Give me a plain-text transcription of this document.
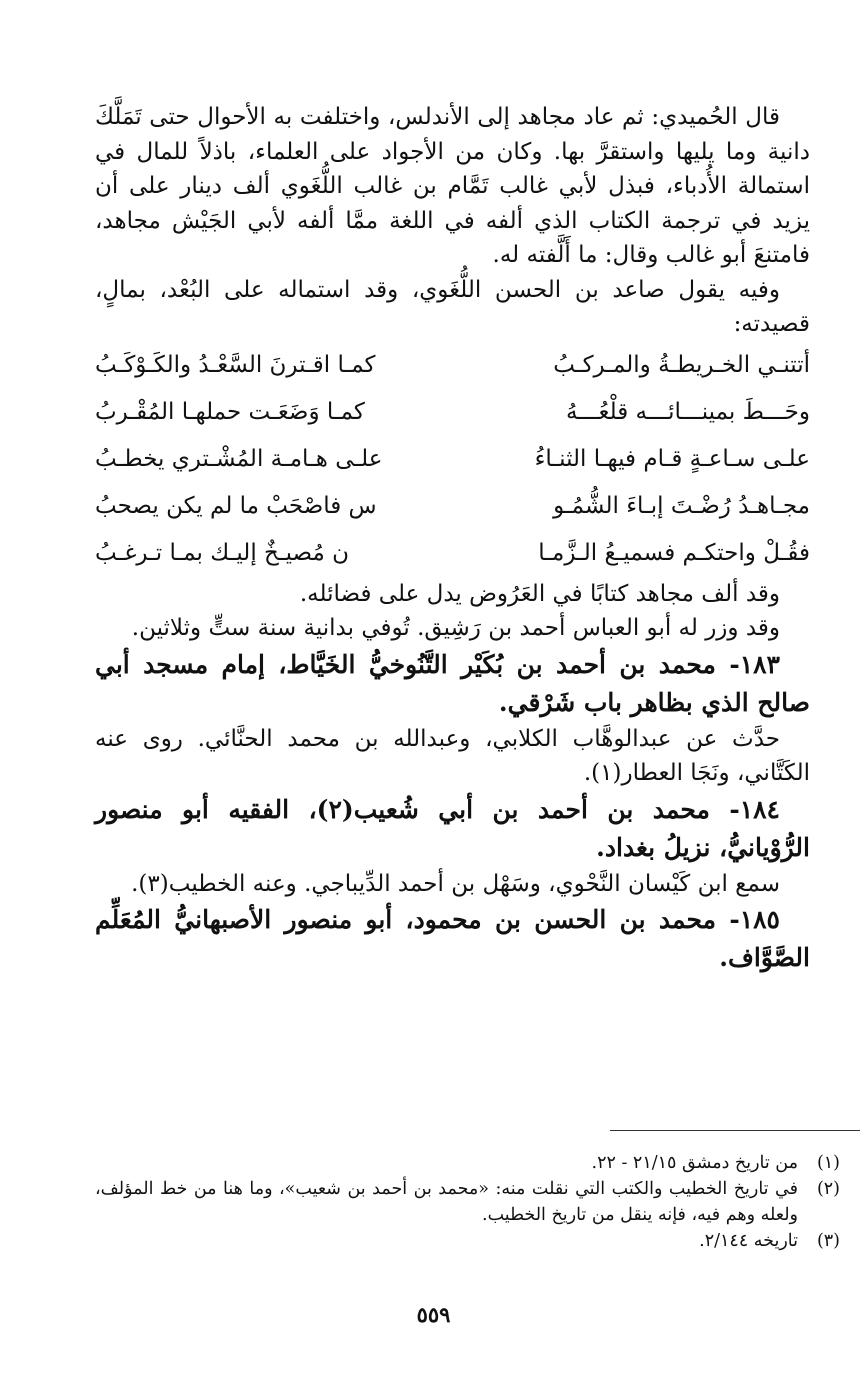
قال الحُميدي: ثم عاد مجاهد إلى الأندلس، واختلفت به الأحوال حتى تَمَلَّكَ دانية وما يليها واستقرَّ بها. وكان من الأجواد على العلماء، باذلاً للمال في استمالة الأُدباء، فبذل لأبي غالب تَمَّام بن غالب اللُّغَوي ألف دينار على أن يزيد في ترجمة الكتاب الذي ألفه في اللغة ممَّا ألفه لأبي الجَيْش مجاهد، فامتنعَ أبو غالب وقال: ما أَلَّفته له.

وفيه يقول صاعد بن الحسن اللُّغَوي، وقد استماله على البُعْد، بمالٍ، قصيدته:

أتتنـي الخـريطـةُ والمـركـبُ
كمـا اقـترنَ السَّعْـدُ والكَـوْكَـبُ
وحَـــطَ بمينـــائـــه قلْعُـــهُ
كمـا وَضَعَـت حملهـا المُقْـربُ
علـى سـاعـةٍ قـام فيهـا الثنـاءُ
علـى هـامـة المُشْـتري يخطـبُ
مجـاهـدُ رُضْـتَ إبـاءَ الشُّمُـو
س فاصْحَبْ ما لم يكن يصحبُ
فقُـلْ واحتكـم فسميـعُ الـزَّمـا
ن مُصيـخٌ إليـك بمـا تـرغـبُ

وقد ألف مجاهد كتابًا في العَرُوض يدل على فضائله.

وقد وزر له أبو العباس أحمد بن رَشِيق. تُوفي بدانية سنة ستٍّ وثلاثين.

١٨٣- محمد بن أحمد بن بُكَيْر التَّنُوخيُّ الخَيَّاط، إمام مسجد أبي صالح الذي بظاهر باب شَرْقي.

حدَّث عن عبدالوهَّاب الكلابي، وعبدالله بن محمد الحنَّائي. روى عنه الكَتَّاني، ونَجَا العطار(١).

١٨٤- محمد بن أحمد بن أبي شُعيب(٢)، الفقيه أبو منصور الرُّوْيانيُّ، نزيلُ بغداد.

سمع ابن كَيْسان النَّحْوي، وسَهْل بن أحمد الدِّيباجي. وعنه الخطيب(٣).

١٨٥- محمد بن الحسن بن محمود، أبو منصور الأصبهانيُّ المُعَلِّم الصَّوَّاف.

(١)
من تاريخ دمشق ٢١/١٥ - ٢٢.
(٢)
في تاريخ الخطيب والكتب التي نقلت منه: «محمد بن أحمد بن شعيب»، وما هنا من خط المؤلف، ولعله وهم فيه، فإنه ينقل من تاريخ الخطيب.
(٣)
تاريخه ٢/١٤٤.
٥٥٩
